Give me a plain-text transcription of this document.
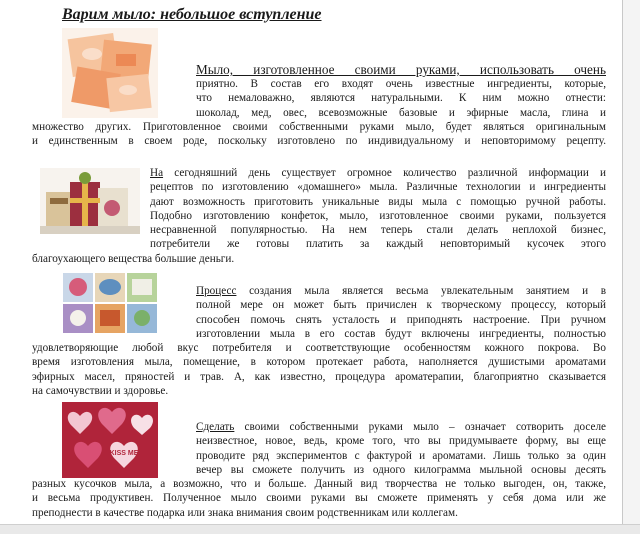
Варим мыло: небольшое вступление
Мыло, изготовленное своими руками, использовать очень
приятно. В состав его входят очень известные ингредиенты, которые,
что немаловажно, являются натуральными. К ним можно отнести:
шоколад, мед, овес, всевозможные базовые и эфирные масла, глина и
множество других. Приготовленное своими собственными руками мыло, будет являться оригинальным
и единственным в своем роде, поскольку изготовлено по индивидуальному и неповторимому рецепту.
На сегодняшний день существует огромное количество различной информации и
рецептов по изготовлению «домашнего» мыла. Различные технологии и ингредиенты
дают возможность приготовить уникальные виды мыла с помощью ручной работы.
Подобно изготовлению конфеток, мыло, изготовленное своими руками, пользуется
несравненной популярностью. На нем теперь стали делать неплохой бизнес,
потребители же готовы платить за каждый неповторимый кусочек этого
благоухающего вещества большие деньги.
Процесс создания мыла является весьма увлекательным занятием и в
полной мере он может быть причислен к творческому процессу, который
способен помочь снять усталость и приподнять настроение. При ручном
изготовлении мыла в его состав будут включены ингредиенты, полностью
удовлетворяющие любой вкус потребителя и соответствующие особенностям кожного покрова. Во
время изготовления мыла, помещение, в котором протекает работа, наполняется душистыми ароматами
эфирных масел, пряностей и трав. А, как известно, процедура ароматерапии, благоприятно сказывается
на самочувствии и здоровье.
KISS ME
Сделать своими собственными руками мыло – означает сотворить доселе
неизвестное, новое, ведь, кроме того, что вы придумываете форму, вы еще
проводите ряд экспериментов с фактурой и ароматами. Лишь только за один
вечер вы сможете получить из одного килограмма мыльной основы десять
разных кусочков мыла, а возможно, что и больше. Данный вид творчества не только выгоден, он, также,
и весьма продуктивен. Полученное мыло своими руками вы сможете применять у себя дома или же
преподнести в качестве подарка или знака внимания своим родственникам или коллегам.
